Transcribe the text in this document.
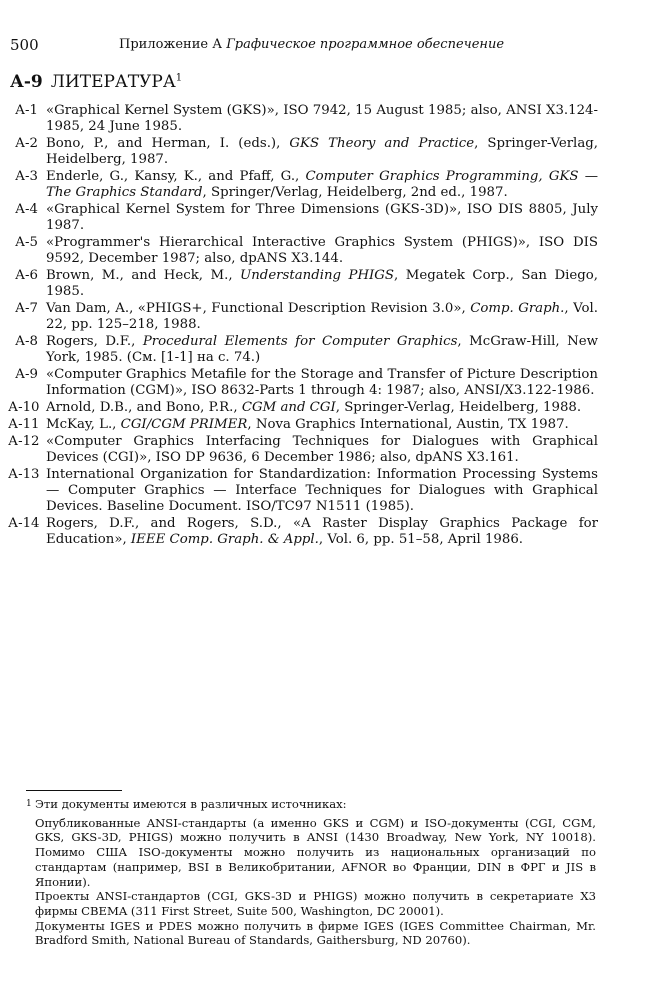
500	Приложение А Графическое программное обеспечение
А-9 ЛИТЕРАТУРА$^1$
А-1 «Graphical Kernel System (GKS)», ISO 7942, 15 August 1985; also, ANSI X3.124-1985, 24 June 1985.
А-2 Bono, P., and Herman, I. (eds.), GKS Theory and Practice, Springer-Verlag, Heidelberg, 1987.
А-3 Enderle, G., Kansy, K., and Pfaff, G., Computer Graphics Programming, GKS — The Graphics Standard, Springer/Verlag, Heidelberg, 2nd ed., 1987.
А-4 «Graphical Kernel System for Three Dimensions (GKS-3D)», ISO DIS 8805, July 1987.
А-5 «Programmer's Hierarchical Interactive Graphics System (PHIGS)», ISO DIS 9592, December 1987; also, dpANS X3.144.
А-6 Brown, M., and Heck, M., Understanding PHIGS, Megatek Corp., San Diego, 1985.
А-7 Van Dam, A., «PHIGS+, Functional Description Revision 3.0», Comp. Graph., Vol. 22, pp. 125–218, 1988.
А-8 Rogers, D.F., Procedural Elements for Computer Graphics, McGraw-Hill, New York, 1985. (См. [1-1] на с. 74.)
А-9 «Computer Graphics Metafile for the Storage and Transfer of Picture Description Information (CGM)», ISO 8632-Parts 1 through 4: 1987; also, ANSI/X3.122-1986.
А-10 Arnold, D.B., and Bono, P.R., CGM and CGI, Springer-Verlag, Heidelberg, 1988.
А-11 McKay, L., CGI/CGM PRIMER, Nova Graphics International, Austin, TX 1987.
А-12 «Computer Graphics Interfacing Techniques for Dialogues with Graphical Devices (CGI)», ISO DP 9636, 6 December 1986; also, dpANS X3.161.
А-13 International Organization for Standardization: Information Processing Systems — Computer Graphics — Interface Techniques for Dialogues with Graphical Devices. Baseline Document. ISO/TC97 N1511 (1985).
А-14 Rogers, D.F., and Rogers, S.D., «A Raster Display Graphics Package for Education», IEEE Comp. Graph. & Appl., Vol. 6, pp. 51–58, April 1986.
1 Эти документы имеются в различных источниках:
Опубликованные ANSI-стандарты (а именно GKS и CGM) и ISO-документы (CGI, CGM, GKS, GKS-3D, PHIGS) можно получить в ANSI (1430 Broadway, New York, NY 10018). Помимо США ISO-документы можно получить из национальных организаций по стандартам (например, BSI в Великобритании, AFNOR во Франции, DIN в ФРГ и JIS в Японии).
Проекты ANSI-стандартов (CGI, GKS-3D и PHIGS) можно получить в секретариате X3 фирмы CBEMA (311 First Street, Suite 500, Washington, DC 20001).
Документы IGES и PDES можно получить в фирме IGES (IGES Committee Chairman, Mr. Bradford Smith, National Bureau of Standards, Gaithersburg, ND 20760).
